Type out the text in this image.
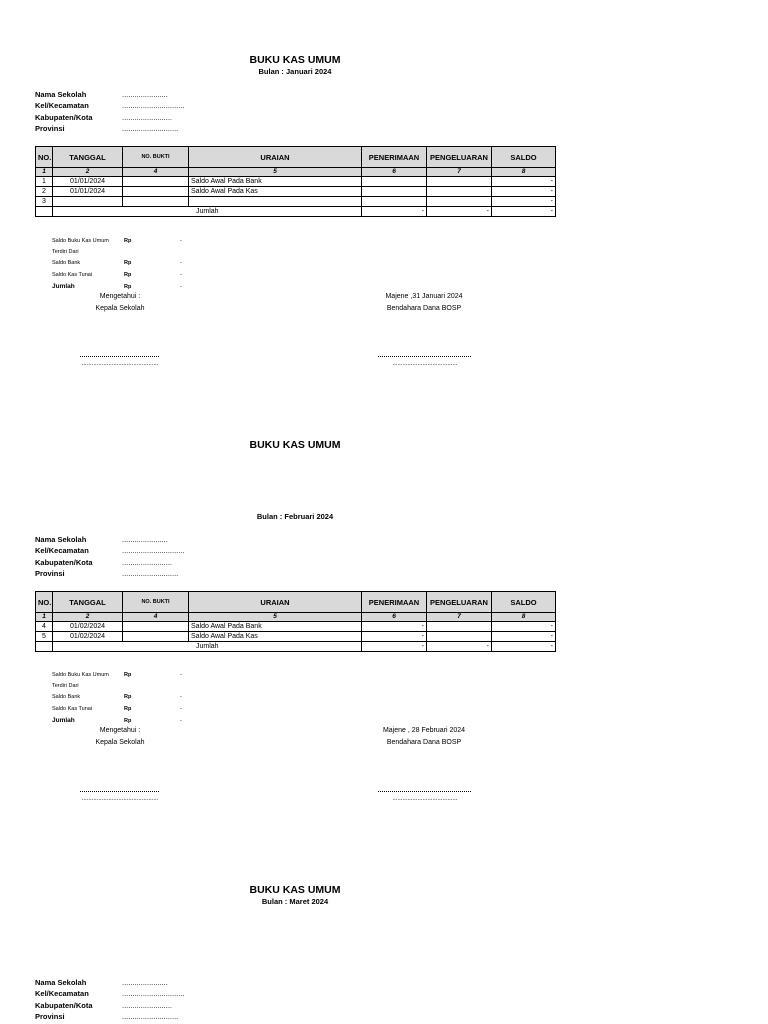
BUKU KAS UMUM
Bulan : Januari 2024
Nama Sekolah	......................
Kel/Kecamatan	..............................
Kabupaten/Kota	........................
Provinsi	...........................
NO.	TANGGAL	NO. BUKTI	URAIAN	PENERIMAAN	PENGELUARAN	SALDO
1	2	4	5	6	7	8
1	01/01/2024		Saldo Awal Pada Bank			-
2	01/01/2024		Saldo Awal Pada Kas			-
3						-
	Jumlah			-	-	-
Saldo Buku Kas Umum	Rp	-
Terdiri Dari
Saldo Bank	Rp	-
Saldo Kas Tunai	Rp	-
Jumlah	Rp	-
Mengetahui :
Kepala Sekolah
Majene ,31 Januari 2024
Bendahara Dana BOSP
..............................................	.......................................
BUKU KAS UMUM
Bulan : Februari 2024
Nama Sekolah	......................
Kel/Kecamatan	..............................
Kabupaten/Kota	........................
Provinsi	...........................
NO.	TANGGAL	NO. BUKTI	URAIAN	PENERIMAAN	PENGELUARAN	SALDO
1	2	4	5	6	7	8
4	01/02/2024		Saldo Awal Pada Bank	-		-
5	01/02/2024		Saldo Awal Pada Kas	-		-
	Jumlah			-	-	-
Saldo Buku Kas Umum	Rp	-
Terdiri Dari
Saldo Bank	Rp	-
Saldo Kas Tunai	Rp	-
Jumlah	Rp	-
Mengetahui :
Kepala Sekolah
Majene , 28 Februari 2024
Bendahara Dana BOSP
..............................................	.......................................
BUKU KAS UMUM
Bulan : Maret 2024
Nama Sekolah	......................
Kel/Kecamatan	..............................
Kabupaten/Kota	........................
Provinsi	...........................
